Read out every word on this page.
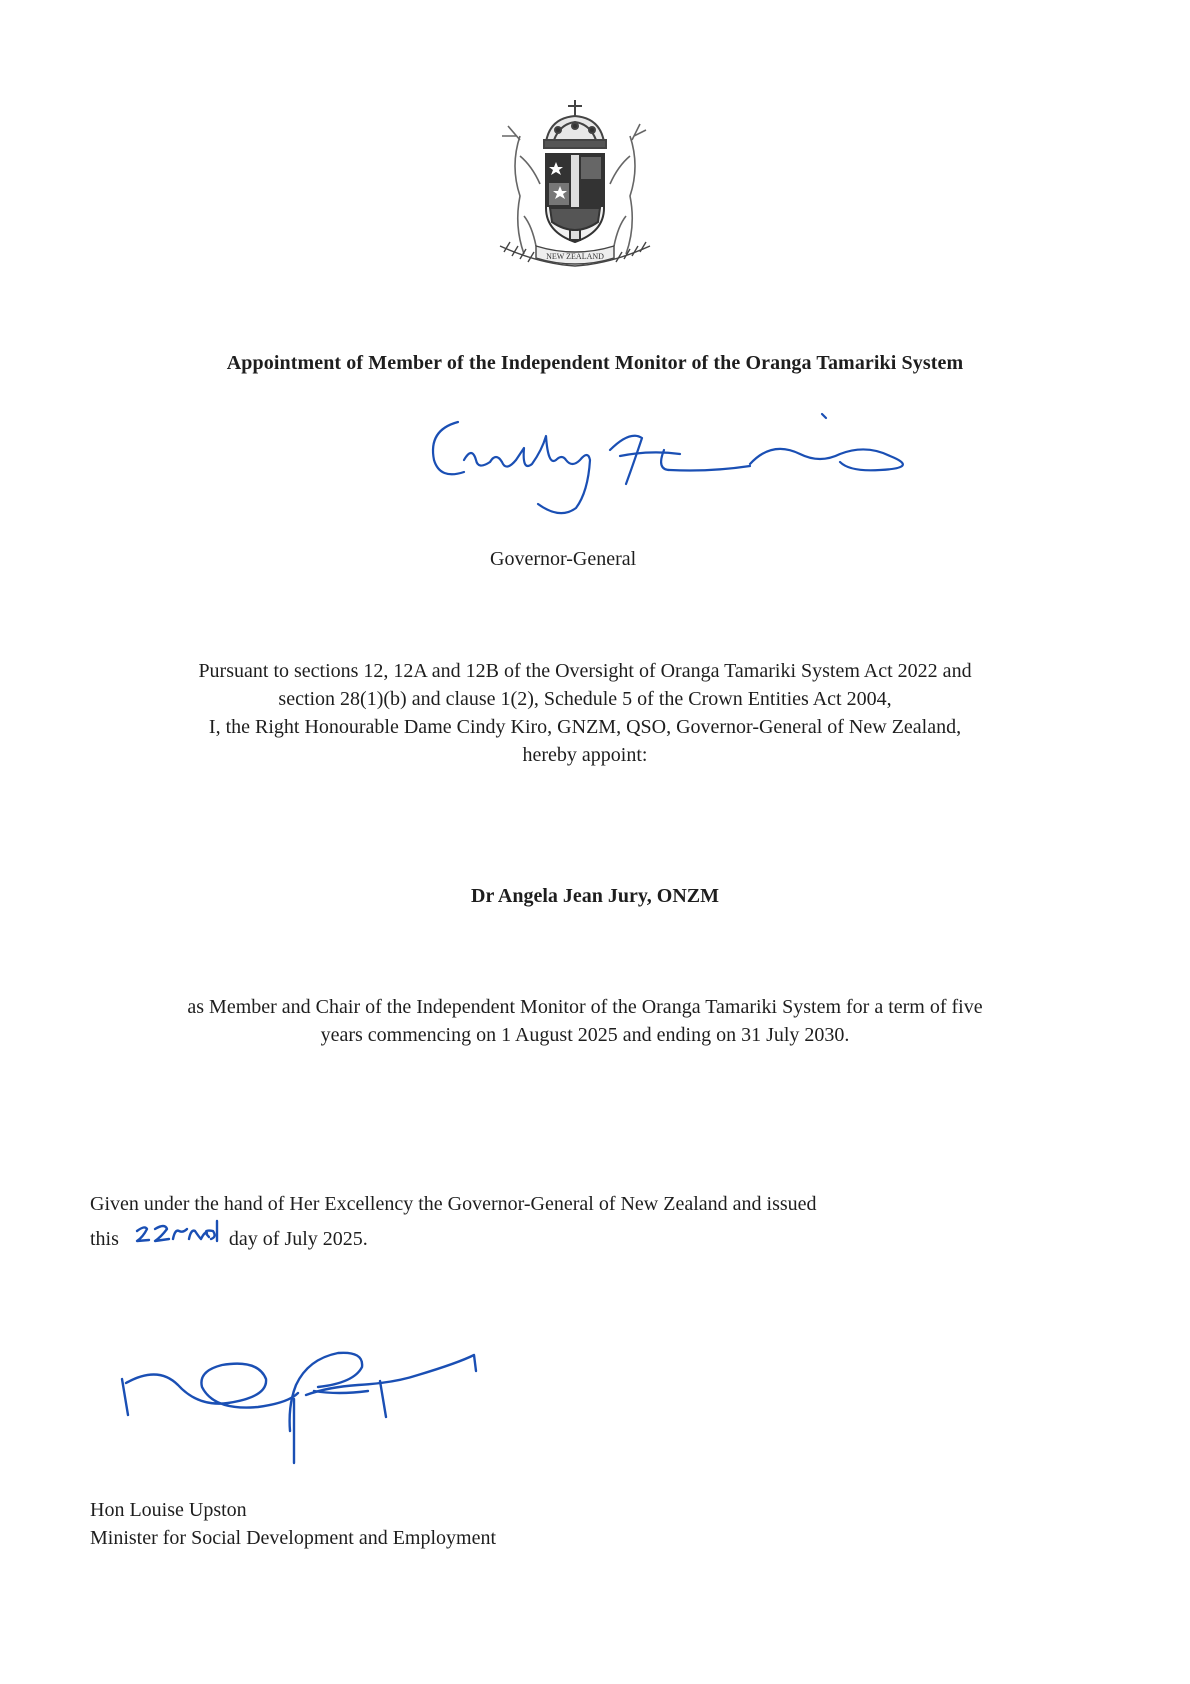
NEW ZEALAND
Appointment of Member of the Independent Monitor of the Oranga Tamariki System
Governor-General
Pursuant to sections 12, 12A and 12B of the Oversight of Oranga Tamariki System Act 2022 and
section 28(1)(b) and clause 1(2), Schedule 5 of the Crown Entities Act 2004,
I, the Right Honourable Dame Cindy Kiro, GNZM, QSO, Governor-General of New Zealand,
hereby appoint:
Dr Angela Jean Jury, ONZM
as Member and Chair of the Independent Monitor of the Oranga Tamariki System for a term of five
years commencing on 1 August 2025 and ending on 31 July 2030.
Given under the hand of Her Excellency the Governor-General of New Zealand and issued
this	day of July 2025.
Hon Louise Upston
Minister for Social Development and Employment
